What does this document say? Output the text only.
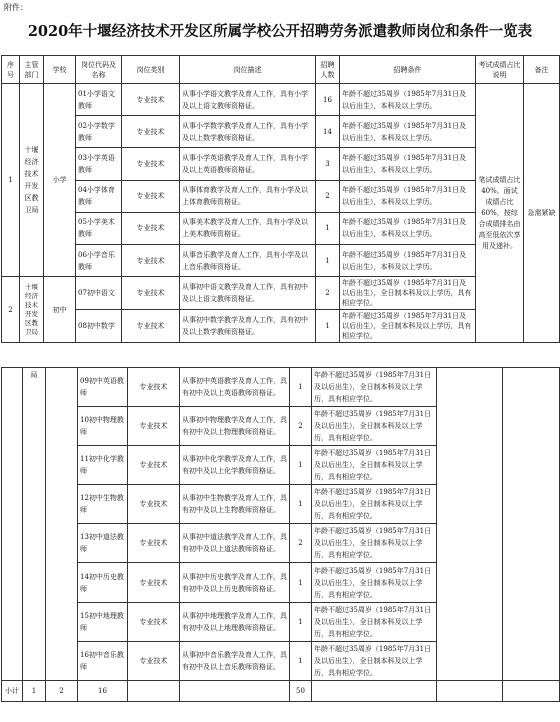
附件：
2020年十堰经济技术开发区所属学校公开招聘劳务派遣教师岗位和条件一览表
序号	主管部门	学校	岗位代码及名称	岗位类别	岗位描述	招聘人数	招聘条件	考试成绩占比说明	备注
1	十堰经济技术开发区教卫局	小学	01小学语文教师	专业技术	从事小学语文教学及育人工作，具有小学及以上语文教师资格证。	16	年龄不超过35周岁（1985年7月31日及以后出生），本科及以上学历。	笔试成绩占比40%，面试成绩占比60%，按综合成绩排名由高至低依次享用及递补。	急需紧缺
			02小学数学教师	专业技术	从事小学数学教学及育人工作，具有小学及以上数学教师资格证。	14	年龄不超过35周岁（1985年7月31日及以后出生），本科及以上学历。		
			03小学英语教师	专业技术	从事小学英语教学及育人工作，具有小学及以上英语教师资格证。	3	年龄不超过35周岁（1985年7月31日及以后出生），本科及以上学历。		
			04小学体育教师	专业技术	从事体育教学及育人工作，具有小学及以上体育教师资格证。	2	年龄不超过35周岁（1985年7月31日及以后出生），本科及以上学历。		
			05小学美术教师	专业技术	从事美术教学及育人工作，具有小学及以上美术教师资格证。	1	年龄不超过35周岁（1985年7月31日及以后出生），本科及以上学历。		
			06小学音乐教师	专业技术	从事音乐教学及育人工作，具有小学及以上音乐教师资格证。	1	年龄不超过35周岁（1985年7月31日及以后出生），本科及以上学历。		
2	十堰经济技术开发区教卫局	初中	07初中语文	专业技术	从事初中语文教学及育人工作，具有初中及以上语文教师资格证。	2	年龄不超过35周岁（1985年7月31日及以后出生），全日制本科及以上学历，具有相应学位。		
			08初中数学	专业技术	从事初中数学教学及育人工作，具有初中及以上数学教师资格证。	1	年龄不超过35周岁（1985年7月31日及以后出生），全日制本科及以上学历，具有相应学位。		
	局		09初中英语教师	专业技术	从事初中英语教学及育人工作，具有初中及以上英语教师资格证。	1	年龄不超过35周岁（1985年7月31日及以后出生），全日制本科及以上学历，具有相应学位。		
			10初中物理教师	专业技术	从事初中物理教学及育人工作，具有初中及以上物理教师资格证。	2	年龄不超过35周岁（1985年7月31日及以后出生），全日制本科及以上学历，具有相应学位。		
			11初中化学教师	专业技术	从事初中化学教学及育人工作，具有初中及以上化学教师资格证。	1	年龄不超过35周岁（1985年7月31日及以后出生），全日制本科及以上学历，具有相应学位。		
			12初中生物教师	专业技术	从事初中生物教学及育人工作，具有初中及以上生物教师资格证。	1	年龄不超过35周岁（1985年7月31日及以后出生），全日制本科及以上学历，具有相应学位。		
			13初中道法教师	专业技术	从事初中道法教学及育人工作，具有初中及以上道法教师资格证。	2	年龄不超过35周岁（1985年7月31日及以后出生），全日制本科及以上学历，具有相应学位。		
			14初中历史教师	专业技术	从事初中历史教学及育人工作，具有初中及以上历史教师资格证。	1	年龄不超过35周岁（1985年7月31日及以后出生），全日制本科及以上学历，具有相应学位。		
			15初中地理教师	专业技术	从事初中地理教学及育人工作，具有初中及以上地理教师资格证。	1	年龄不超过35周岁（1985年7月31日及以后出生），全日制本科及以上学历，具有相应学位。		
			16初中音乐教师	专业技术	从事初中音乐教学及育人工作，具有初中及以上音乐教师资格证。	1	年龄不超过35周岁（1985年7月31日及以后出生），全日制本科及以上学历，具有相应学位。		
小计	1	2	16			50			
